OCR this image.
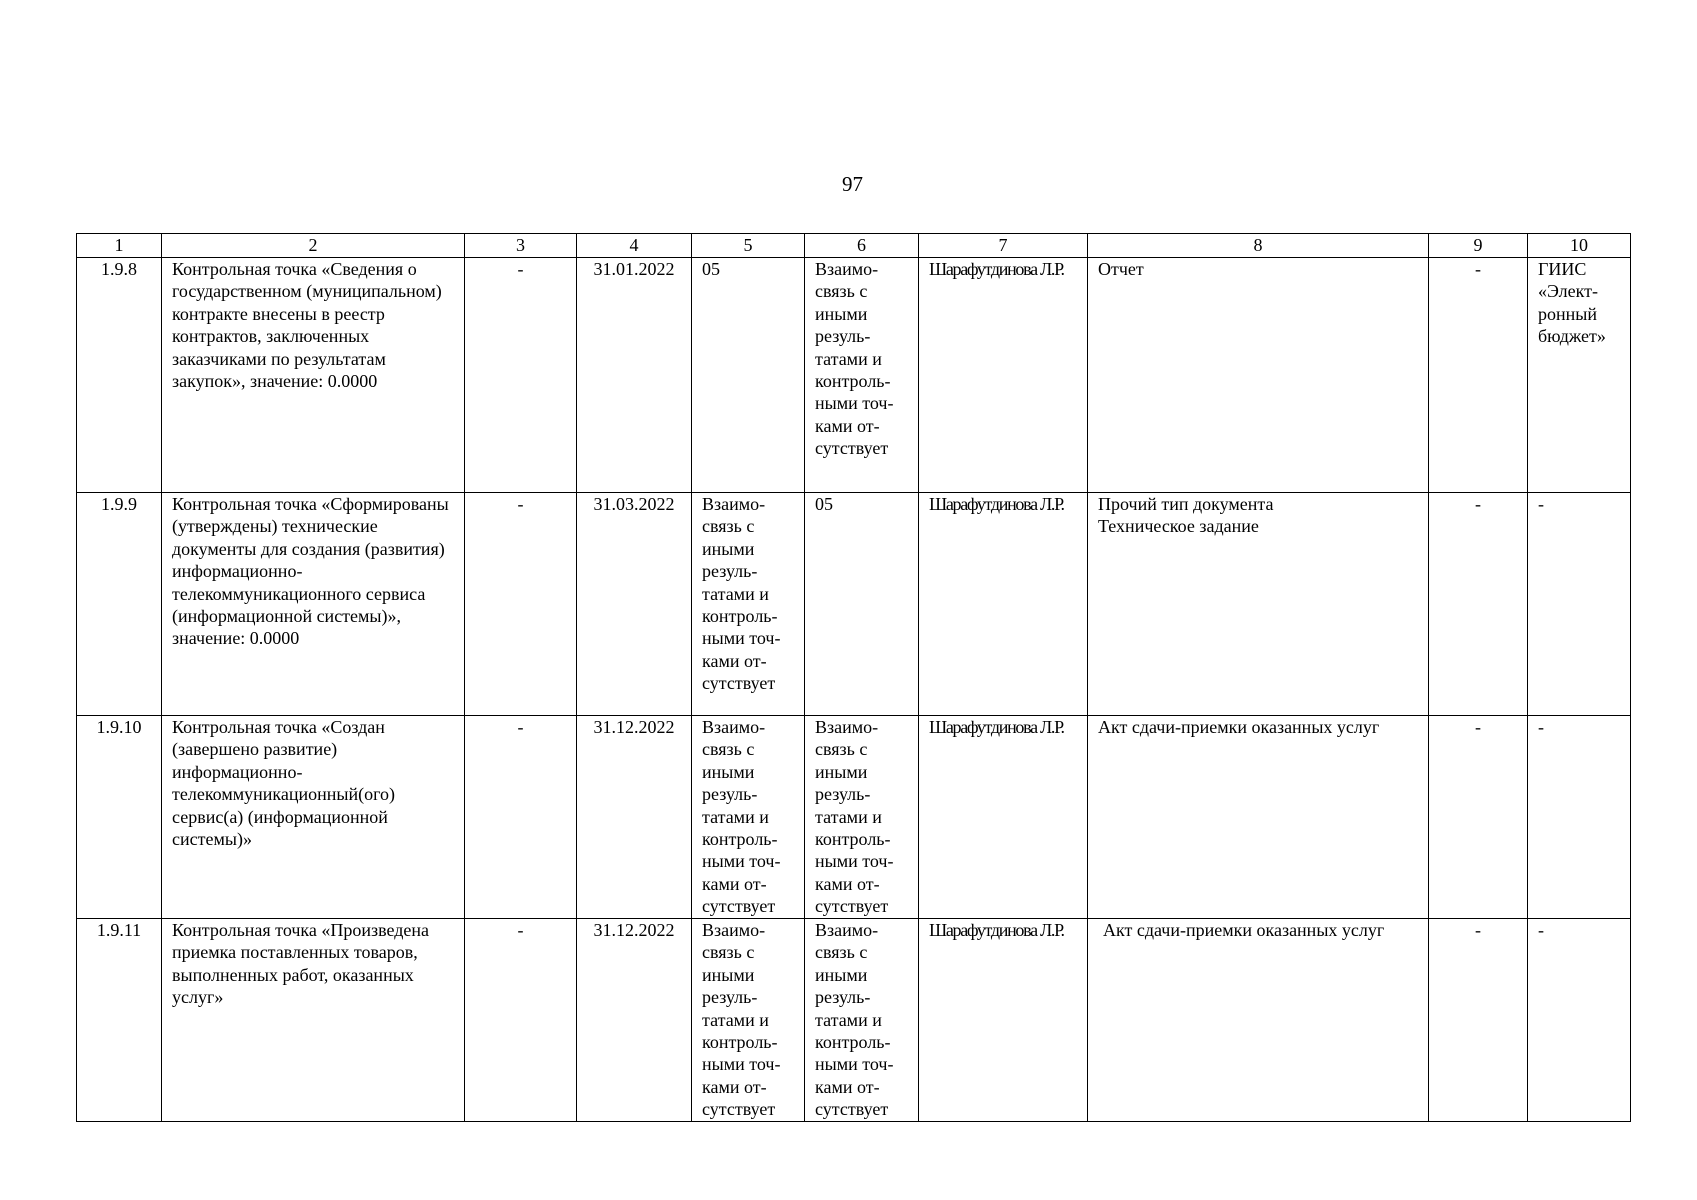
97
1	2	3	4	5	6	7	8	9	10
1.9.8	Контрольная точка «Сведения о государственном (муниципальном) контракте внесены в реестр контрактов, заключенных заказчиками по результатам закупок», значение: 0.0000	-	31.01.2022	05	Взаимо-связь с иными резуль-татами и контроль-ными точ-ками от-сутствует	Шарафутдинова Л.Р.	Отчет	-	ГИИС «Элект-ронный бюджет»
1.9.9	Контрольная точка «Сформированы (утверждены) технические документы для создания (развития) информационно-телекоммуникационного сервиса (информационной системы)», значение: 0.0000	-	31.03.2022	Взаимо-связь с иными резуль-татами и контроль-ными точ-ками от-сутствует	05	Шарафутдинова Л.Р.	Прочий тип документа Техническое задание	-	-
1.9.10	Контрольная точка «Создан (завершено развитие) информационно-телекоммуникационный(ого) сервис(а) (информационной системы)»	-	31.12.2022	Взаимо-связь с иными резуль-татами и контроль-ными точ-ками от-сутствует	Взаимо-связь с иными резуль-татами и контроль-ными точ-ками от-сутствует	Шарафутдинова Л.Р.	Акт сдачи-приемки оказанных услуг	-	-
1.9.11	Контрольная точка «Произведена приемка поставленных товаров, выполненных работ, оказанных услуг»	-	31.12.2022	Взаимо-связь с иными резуль-татами и контроль-ными точ-ками от-сутствует	Взаимо-связь с иными резуль-татами и контроль-ными точ-ками от-сутствует	Шарафутдинова Л.Р.	Акт сдачи-приемки оказанных услуг	-	-
